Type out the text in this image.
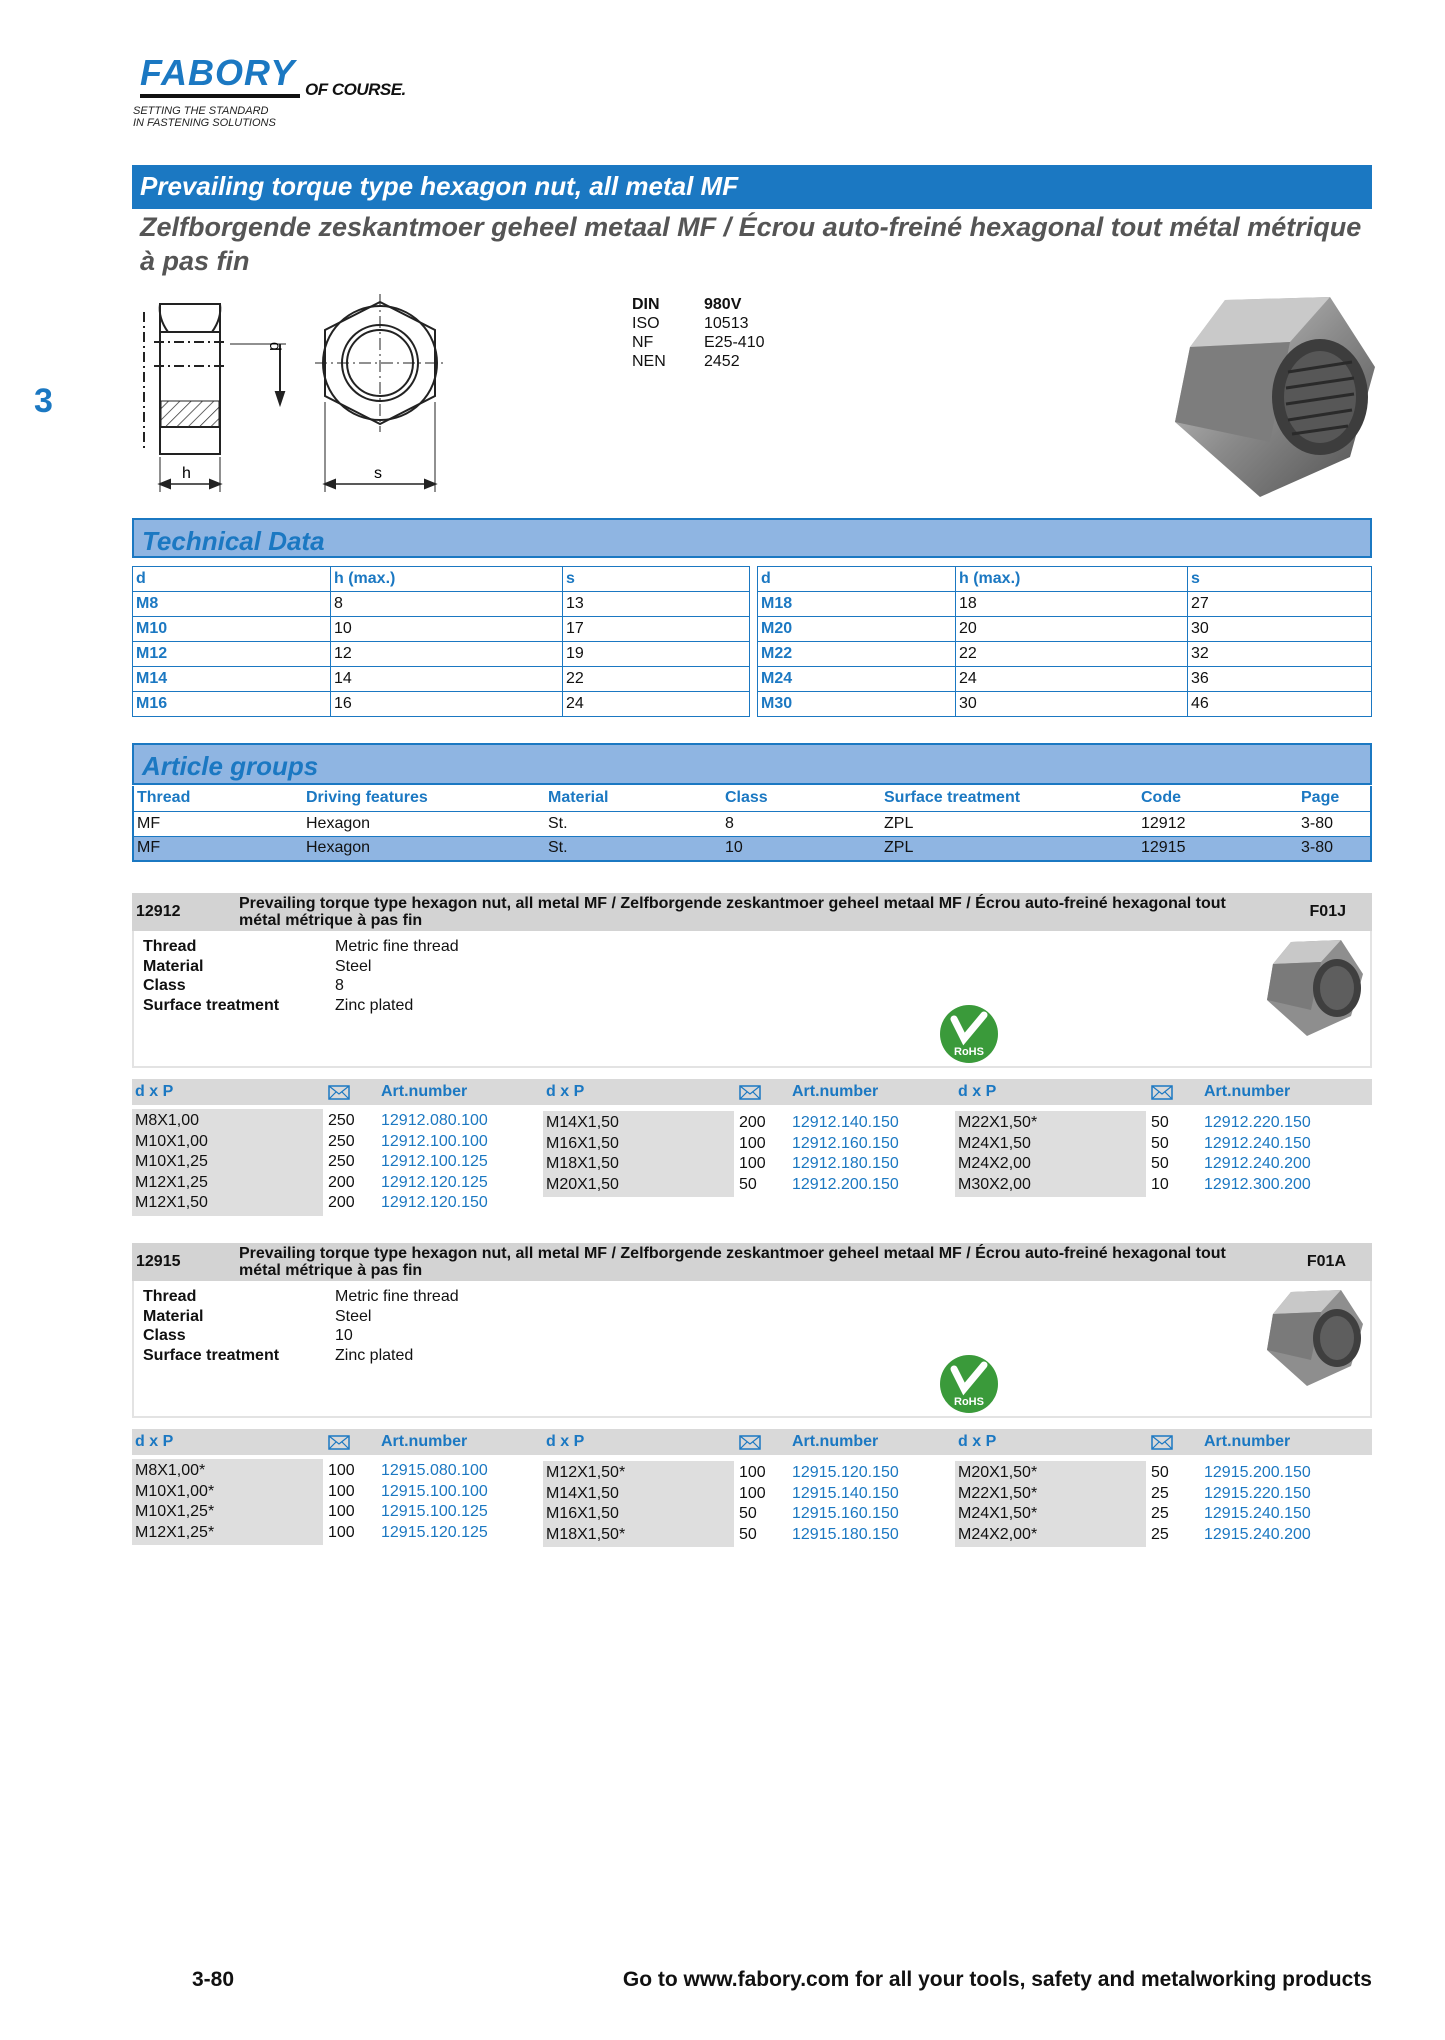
FABORY OF COURSE.
SETTING THE STANDARD
IN FASTENING SOLUTIONS
3
Prevailing torque type hexagon nut, all metal MF
Zelfborgende zeskantmoer geheel metaal MF / Écrou auto-freiné hexagonal tout métal métrique à pas fin
h
d
s
DIN	980V
ISO	10513
NF	E25-410
NEN	2452
Technical Data
d	h (max.)	s
M8	8	13
M10	10	17
M12	12	19
M14	14	22
M16	16	24
d	h (max.)	s
M18	18	27
M20	20	30
M22	22	32
M24	24	36
M30	30	46
Article groups
Thread	Driving features	Material	Class	Surface treatment	Code	Page
MF	Hexagon	St.	8	ZPL	12912	3-80
MF	Hexagon	St.	10	ZPL	12915	3-80
12912	Prevailing torque type hexagon nut, all metal MF / Zelfborgende zeskantmoer geheel metaal MF / Écrou auto-freiné hexagonal tout
métal métrique à pas fin
F01J
Thread	Metric fine thread
Material	Steel
Class	8
Surface treatment	Zinc plated
RoHS
d x P	Art.number
M8X1,00	250 12912.080.100
M10X1,00	250 12912.100.100
M10X1,25	250 12912.100.125
M12X1,25	200 12912.120.125
M12X1,50	200 12912.120.150
d x P	Art.number
M14X1,50	200 12912.140.150
M16X1,50	100 12912.160.150
M18X1,50	100 12912.180.150
M20X1,50	50 12912.200.150
d x P	Art.number
M22X1,50*	50 12912.220.150
M24X1,50	50 12912.240.150
M24X2,00	50 12912.240.200
M30X2,00	10 12912.300.200
12915	Prevailing torque type hexagon nut, all metal MF / Zelfborgende zeskantmoer geheel metaal MF / Écrou auto-freiné hexagonal tout
métal métrique à pas fin
F01A
Thread	Metric fine thread
Material	Steel
Class	10
Surface treatment	Zinc plated
RoHS
d x P	Art.number
M8X1,00*	100 12915.080.100
M10X1,00*	100 12915.100.100
M10X1,25*	100 12915.100.125
M12X1,25*	100 12915.120.125
d x P	Art.number
M12X1,50*	100 12915.120.150
M14X1,50	100 12915.140.150
M16X1,50	50 12915.160.150
M18X1,50*	50 12915.180.150
d x P	Art.number
M20X1,50*	50 12915.200.150
M22X1,50*	25 12915.220.150
M24X1,50*	25 12915.240.150
M24X2,00*	25 12915.240.200
3-80	Go to www.fabory.com for all your tools, safety and metalworking products
